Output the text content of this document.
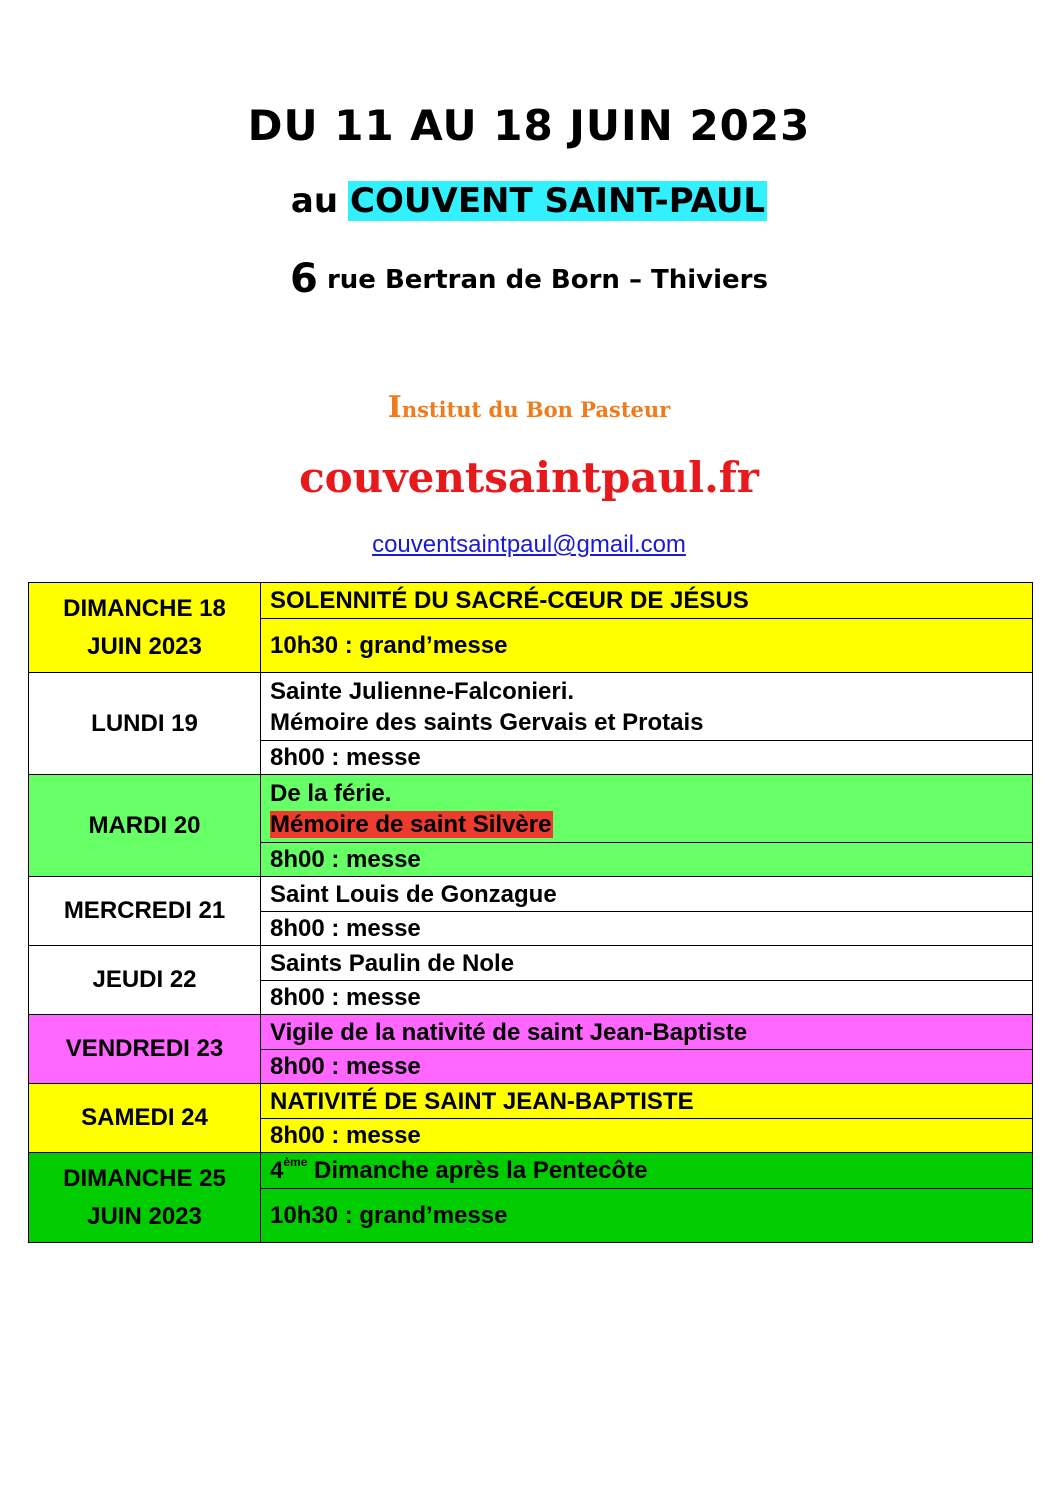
DU 11 AU 18 JUIN 2023
au COUVENT SAINT-PAUL
6 rue Bertran de Born – Thiviers
Institut du Bon Pasteur
couventsaintpaul.fr
couventsaintpaul@gmail.com
DIMANCHE 18
JUIN 2023	SOLENNITÉ DU SACRÉ-CŒUR DE JÉSUS
	10h30 : grand’messe
LUNDI 19	Sainte Julienne-Falconieri.
Mémoire des saints Gervais et Protais
	8h00 : messe
MARDI 20	De la férie.
Mémoire de saint Silvère
	8h00 : messe
MERCREDI 21	Saint Louis de Gonzague
	8h00 : messe
JEUDI 22	Saints Paulin de Nole
	8h00 : messe
VENDREDI 23	Vigile de la nativité de saint Jean-Baptiste
	8h00 : messe
SAMEDI 24	NATIVITÉ DE SAINT JEAN-BAPTISTE
	8h00 : messe
DIMANCHE 25
JUIN 2023	4ème Dimanche après la Pentecôte
	10h30 : grand’messe
